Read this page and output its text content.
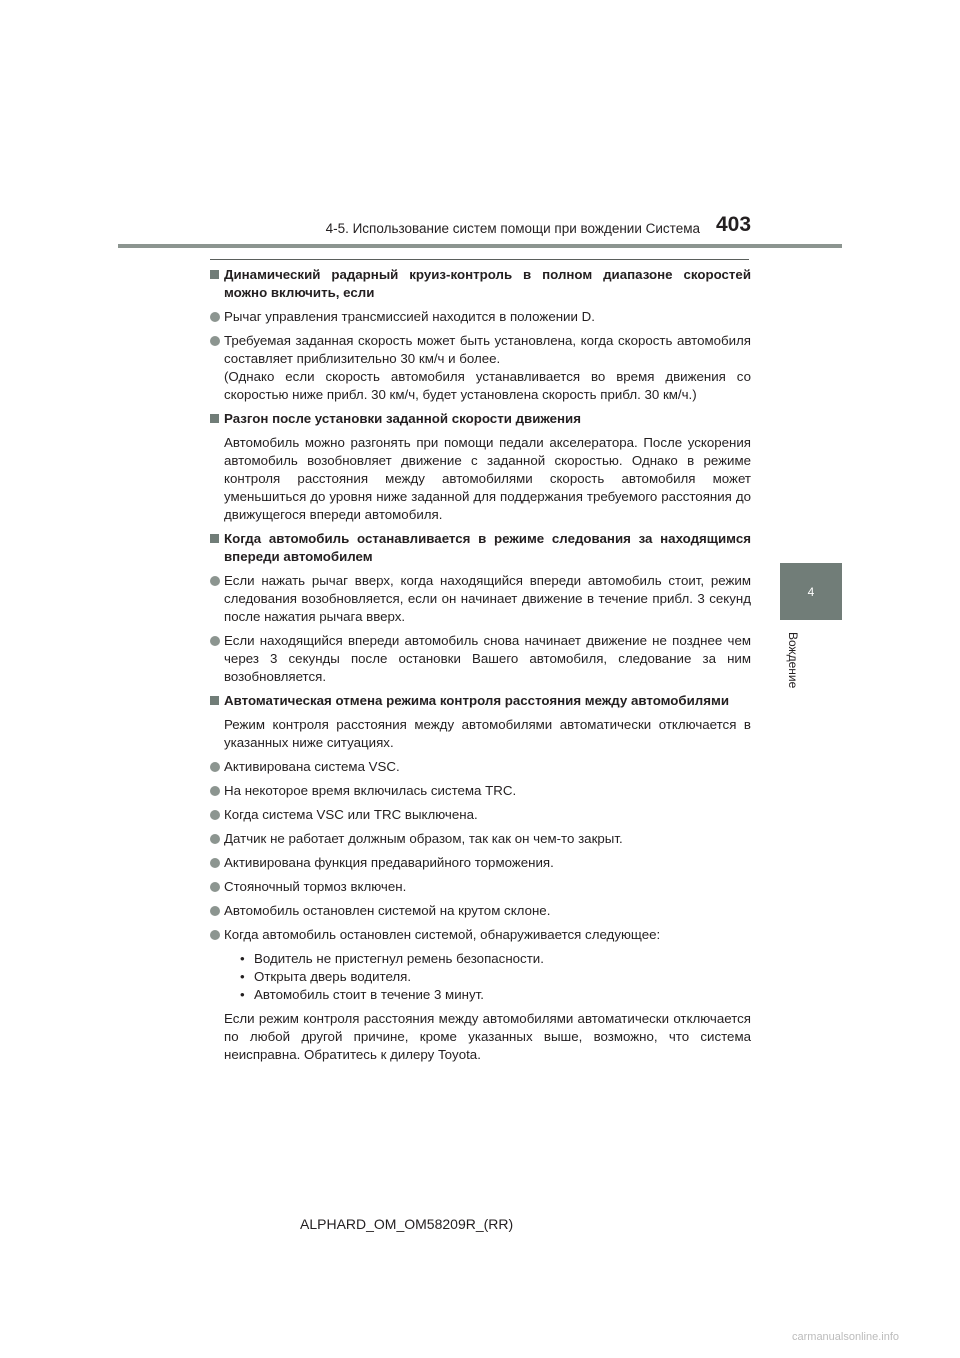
4-5. Использование систем помощи при вождении Система 403
4
Вождение
Динамический радарный круиз-контроль в полном диапазоне скоростей можно включить, если
Рычаг управления трансмиссией находится в положении D.

Требуемая заданная скорость может быть установлена, когда скорость автомобиля составляет приблизительно 30 км/ч и более.

(Однако если скорость автомобиля устанавливается во время движения со скоростью ниже прибл. 30 км/ч, будет установлена скорость прибл. 30 км/ч.)

Разгон после установки заданной скорости движения
Автомобиль можно разгонять при помощи педали акселератора. После ускорения автомобиль возобновляет движение с заданной скоростью. Однако в режиме контроля расстояния между автомобилями скорость автомобиля может уменьшиться до уровня ниже заданной для поддержания требуемого расстояния до движущегося впереди автомобиля.
Когда автомобиль останавливается в режиме следования за находящимся впереди автомобилем
Если нажать рычаг вверх, когда находящийся впереди автомобиль стоит, режим следования возобновляется, если он начинает движение в течение прибл. 3 секунд после нажатия рычага вверх.
Если находящийся впереди автомобиль снова начинает движение не позднее чем через 3 секунды после остановки Вашего автомобиля, следование за ним возобновляется.
Автоматическая отмена режима контроля расстояния между автомобилями
Режим контроля расстояния между автомобилями автоматически отключается в указанных ниже ситуациях.
Активирована система VSC.
На некоторое время включилась система TRC.
Когда система VSC или TRC выключена.
Датчик не работает должным образом, так как он чем-то закрыт.
Активирована функция предаварийного торможения.
Стояночный тормоз включен.
Автомобиль остановлен системой на крутом склоне.
Когда автомобиль остановлен системой, обнаруживается следующее:
• Водитель не пристегнул ремень безопасности.
• Открыта дверь водителя.
• Автомобиль стоит в течение 3 минут.
Если режим контроля расстояния между автомобилями автоматически отключается по любой другой причине, кроме указанных выше, возможно, что система неисправна. Обратитесь к дилеру Toyota.
ALPHARD_OM_OM58209R_(RR)
carmanualsonline.info
